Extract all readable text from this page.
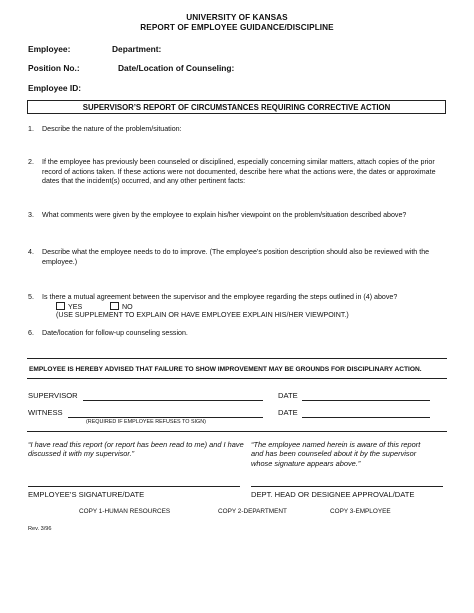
UNIVERSITY OF KANSAS
REPORT OF EMPLOYEE GUIDANCE/DISCIPLINE
Employee:	Department:
Position No.:	Date/Location of Counseling:
Employee ID:
SUPERVISOR’S REPORT OF CIRCUMSTANCES REQUIRING CORRECTIVE ACTION
1.	Describe the nature of the problem/situation:
2.	If the employee has previously been counseled or disciplined, especially concerning similar matters, attach copies of the prior record of actions taken. If these actions were not documented, describe here what the actions were, the dates or approximate dates that the incident(s) occurred, and any other pertinent facts:
3.	What comments were given by the employee to explain his/her viewpoint on the problem/situation described above?
4.	Describe what the employee needs to do to improve. (The employee’s position description should also be reviewed with the employee.)
5.	Is there a mutual agreement between the supervisor and the employee regarding the steps outlined in (4) above?
YES	NO
(USE SUPPLEMENT TO EXPLAIN OR HAVE EMPLOYEE EXPLAIN HIS/HER VIEWPOINT.)
6.	Date/location for follow-up counseling session.
EMPLOYEE IS HEREBY ADVISED THAT FAILURE TO SHOW IMPROVEMENT MAY BE GROUNDS FOR DISCIPLINARY ACTION.
SUPERVISOR	DATE
WITNESS	DATE
(REQUIRED IF EMPLOYEE REFUSES TO SIGN)
“I have read this report (or report has been read to me) and I have discussed it with my supervisor.”
“The employee named herein is aware of this report and has been counseled about it by the supervisor whose signature appears above.”
EMPLOYEE’S SIGNATURE/DATE	DEPT. HEAD OR DESIGNEE APPROVAL/DATE
COPY 1-HUMAN RESOURCES	COPY 2-DEPARTMENT	COPY 3-EMPLOYEE
Rev. 3/96
